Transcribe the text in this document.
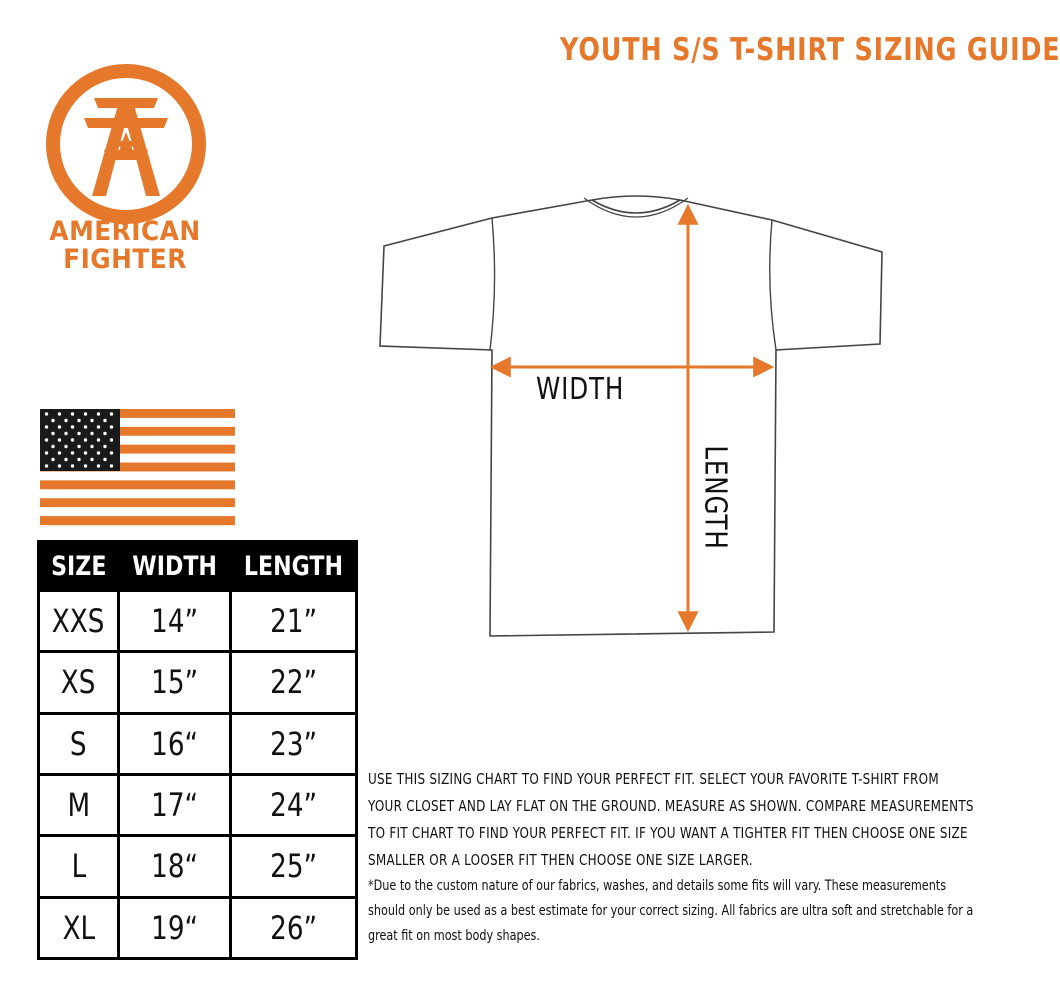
YOUTH S/S T-SHIRT SIZING GUIDE
AMERICAN
FIGHTER
SIZE	WIDTH	LENGTH
XXS	14”	21”
XS	15”	22”
S	16“	23”
M	17“	24”
L	18“	25”
XL	19“	26”
WIDTH
LENGTH
USE THIS SIZING CHART TO FIND YOUR PERFECT FIT. SELECT YOUR FAVORITE T-SHIRT FROM YOUR CLOSET AND LAY FLAT ON THE GROUND. MEASURE AS SHOWN. COMPARE MEASUREMENTS TO FIT CHART TO FIND YOUR PERFECT FIT. IF YOU WANT A TIGHTER FIT THEN CHOOSE ONE SIZE SMALLER OR A LOOSER FIT THEN CHOOSE ONE SIZE LARGER.
*Due to the custom nature of our fabrics, washes, and details some fits will vary. These measurements should only be used as a best estimate for your correct sizing. All fabrics are ultra soft and stretchable for a great fit on most body shapes.
